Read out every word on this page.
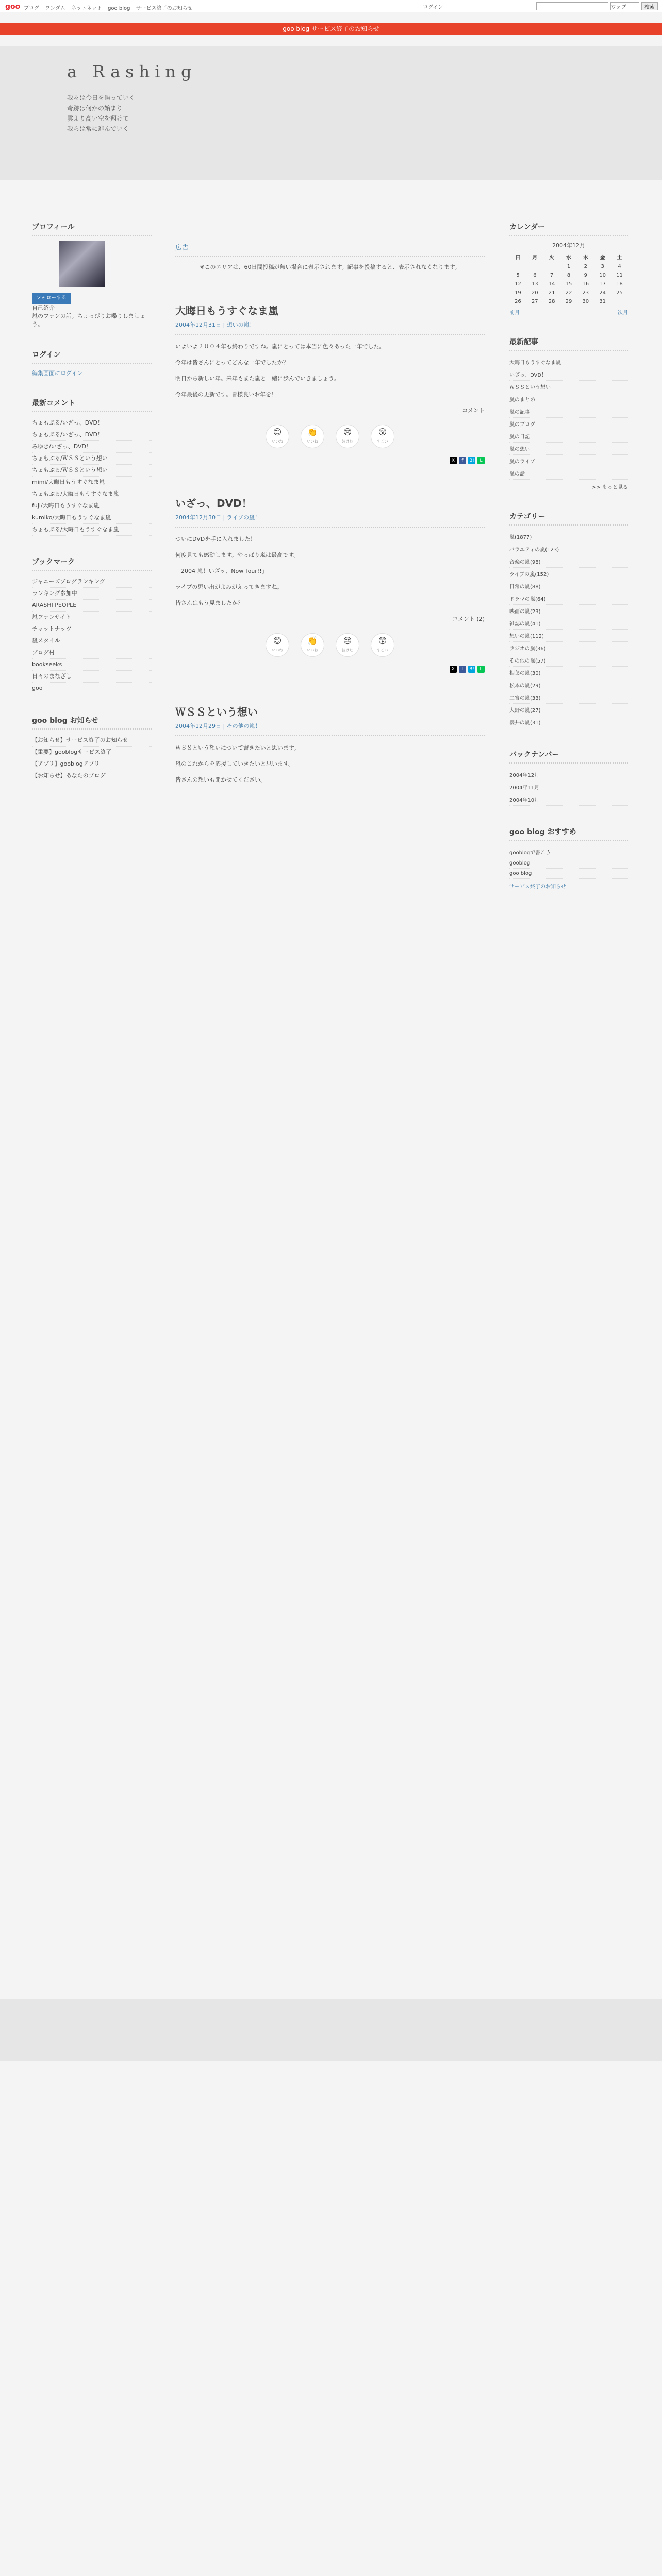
goo ブログ ワンダム ネットネット goo blog サービス終了のお知らせ	ログイン	ウェブ	検索
goo blog サービス終了のお知らせ
a Rashing
我々は今日を謳っていく
奇跡は何かの始まり
雲より高い空を翔けて
我らは常に進んでいく
プロフィール
フォローする
自己紹介
嵐のファンの話。ちょっぴりお喋りしましょう。
ログイン
編集画面にログイン
最新コメント
ちょもぷる/いざっ、DVD！
ちょもぷる/いざっ、DVD！
みゆき/いざっ、DVD！
ちょもぷる/ＷＳＳという想い
ちょもぷる/ＷＳＳという想い
mimi/大晦日もうすぐなま嵐
ちょもぷる/大晦日もうすぐなま嵐
fuji/大晦日もうすぐなま嵐
kumiko/大晦日もうすぐなま嵐
ちょもぷる/大晦日もうすぐなま嵐
ブックマーク
ジャニーズブログランキング
ランキング参加中
ARASHI PEOPLE
嵐ファンサイト
チャットナッツ
嵐スタイル
ブログ村
bookseeks
日々のまなざし
goo
goo blog お知らせ
【お知らせ】サービス終了のお知らせ
【重要】gooblogサービス終了
【アプリ】gooblogアプリ
【お知らせ】あなたのブログ
広告
※このエリアは、60日間投稿が無い場合に表示されます。記事を投稿すると、表示されなくなります。
大晦日もうすぐなま嵐
2004年12月31日 | 想いの嵐！

いよいよ２００４年も終わりですね。嵐にとっては本当に色々あった一年でした。

今年は皆さんにとってどんな一年でしたか？

明日から新しい年。来年もまた嵐と一緒に歩んでいきましょう。

今年最後の更新です。皆様良いお年を！

コメント
😊
いいね
👏
いいね
😢
泣けた
😲
すごい
X f B! L
いざっ、DVD！
2004年12月30日 | ライブの嵐！

ついにDVDを手に入れました！

何度見ても感動します。やっぱり嵐は最高です。

「2004 嵐！いざッ、Now Tour!!」

ライブの思い出がよみがえってきますね。

皆さんはもう見ましたか？

コメント (2)
😊
いいね
👏
いいね
😢
泣けた
😲
すごい
X f B! L
ＷＳＳという想い
2004年12月29日 | その他の嵐！

ＷＳＳという想いについて書きたいと思います。

嵐のこれからを応援していきたいと思います。

皆さんの想いも聞かせてください。

カレンダー
2004年12月
日	月	火	水	木	金	土
			1	2	3	4
5	6	7	8	9	10	11
12	13	14	15	16	17	18
19	20	21	22	23	24	25
26	27	28	29	30	31	
前月	次月
最新記事
大晦日もうすぐなま嵐
いざっ、DVD！
ＷＳＳという想い
嵐のまとめ
嵐の記事
嵐のブログ
嵐の日記
嵐の想い
嵐のライブ
嵐の話
>> もっと見る
カテゴリー
嵐(1877)
バラエティの嵐(123)
音楽の嵐(98)
ライブの嵐(152)
日常の嵐(88)
ドラマの嵐(64)
映画の嵐(23)
雑誌の嵐(41)
想いの嵐(112)
ラジオの嵐(36)
その他の嵐(57)
相葉の嵐(30)
松本の嵐(29)
二宮の嵐(33)
大野の嵐(27)
櫻井の嵐(31)
バックナンバー
2004年12月
2004年11月
2004年10月
goo blog おすすめ
gooblogで書こう
gooblog
goo blog
サービス終了のお知らせ
